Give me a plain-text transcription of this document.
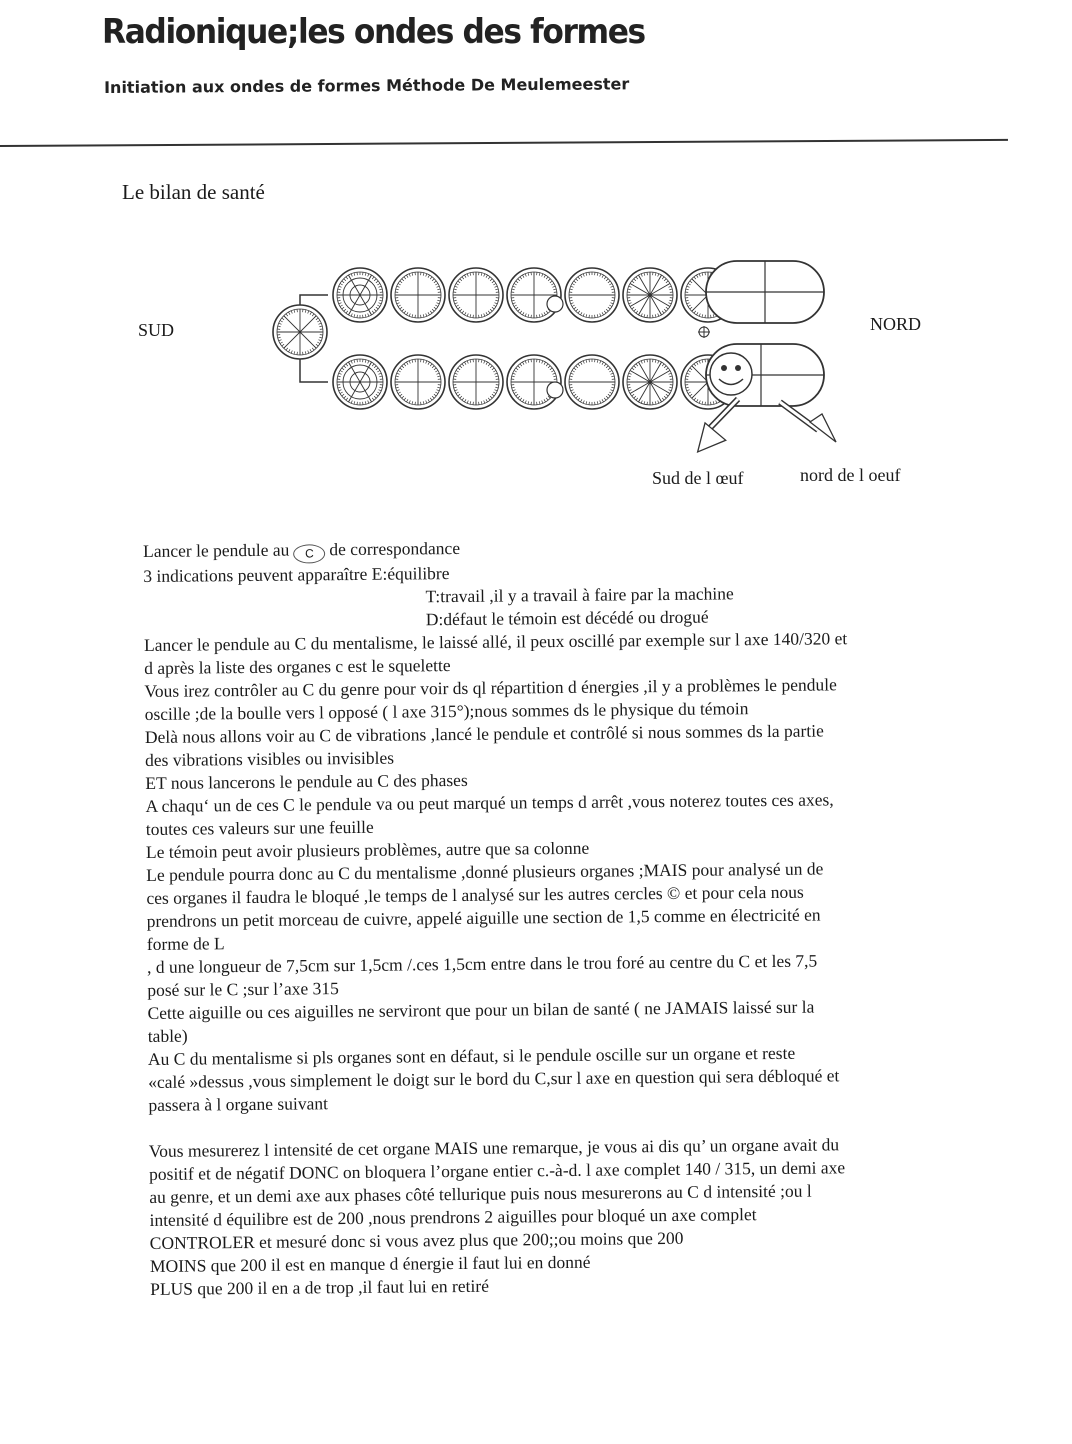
Radionique;les ondes des formes
Initiation aux ondes de formes Méthode De Meulemeester
Le bilan de santé
SUD	NORD
Sud de l œuf	nord de l oeuf

Lancer le pendule au C de correspondance

3 indications peuvent apparaître E:équilibre

T:travail ,il y a travail à faire par la machine

D:défaut le témoin est décédé ou drogué

Lancer le pendule au C du mentalisme, le laissé allé, il peux oscillé par exemple sur l axe 140/320 et

d après la liste des organes c est le squelette

Vous irez contrôler au C du genre pour voir ds ql répartition d énergies ,il y a problèmes le pendule

oscille ;de la boulle vers l opposé ( l axe 315°);nous sommes ds le physique du témoin

Delà nous allons voir au C de vibrations ,lancé le pendule et contrôlé si nous sommes ds la partie

des vibrations visibles ou invisibles

ET nous lancerons le pendule au C des phases

A chaqu‘ un de ces C le pendule va ou peut marqué un temps d arrêt ,vous noterez toutes ces axes,

toutes ces valeurs sur une feuille

Le témoin peut avoir plusieurs problèmes, autre que sa colonne

Le pendule pourra donc au C du mentalisme ,donné plusieurs organes ;MAIS pour analysé un de

ces organes il faudra le bloqué ,le temps de l analysé sur les autres cercles © et pour cela nous

prendrons un petit morceau de cuivre, appelé aiguille une section de 1,5 comme en électricité en

forme de L

, d une longueur de 7,5cm sur 1,5cm /.ces 1,5cm entre dans le trou foré au centre du C et les 7,5

posé sur le C ;sur l’axe 315

Cette aiguille ou ces aiguilles ne serviront que pour un bilan de santé ( ne JAMAIS laissé sur la

table)

Au C du mentalisme si pls organes sont en défaut, si le pendule oscille sur un organe et reste

«calé »dessus ,vous simplement le doigt sur le bord du C,sur l axe en question qui sera débloqué et

passera à l organe suivant

Vous mesurerez l intensité de cet organe MAIS une remarque, je vous ai dis qu’ un organe avait du

positif et de négatif DONC on bloquera l’organe entier c.-à-d. l axe complet 140 / 315, un demi axe

au genre, et un demi axe aux phases côté tellurique puis nous mesurerons au C d intensité ;ou l

intensité d équilibre est de 200 ,nous prendrons 2 aiguilles pour bloqué un axe complet

CONTROLER et mesuré donc si vous avez plus que 200;;ou moins que 200

MOINS que 200 il est en manque d énergie il faut lui en donné

PLUS que 200 il en a de trop ,il faut lui en retiré
